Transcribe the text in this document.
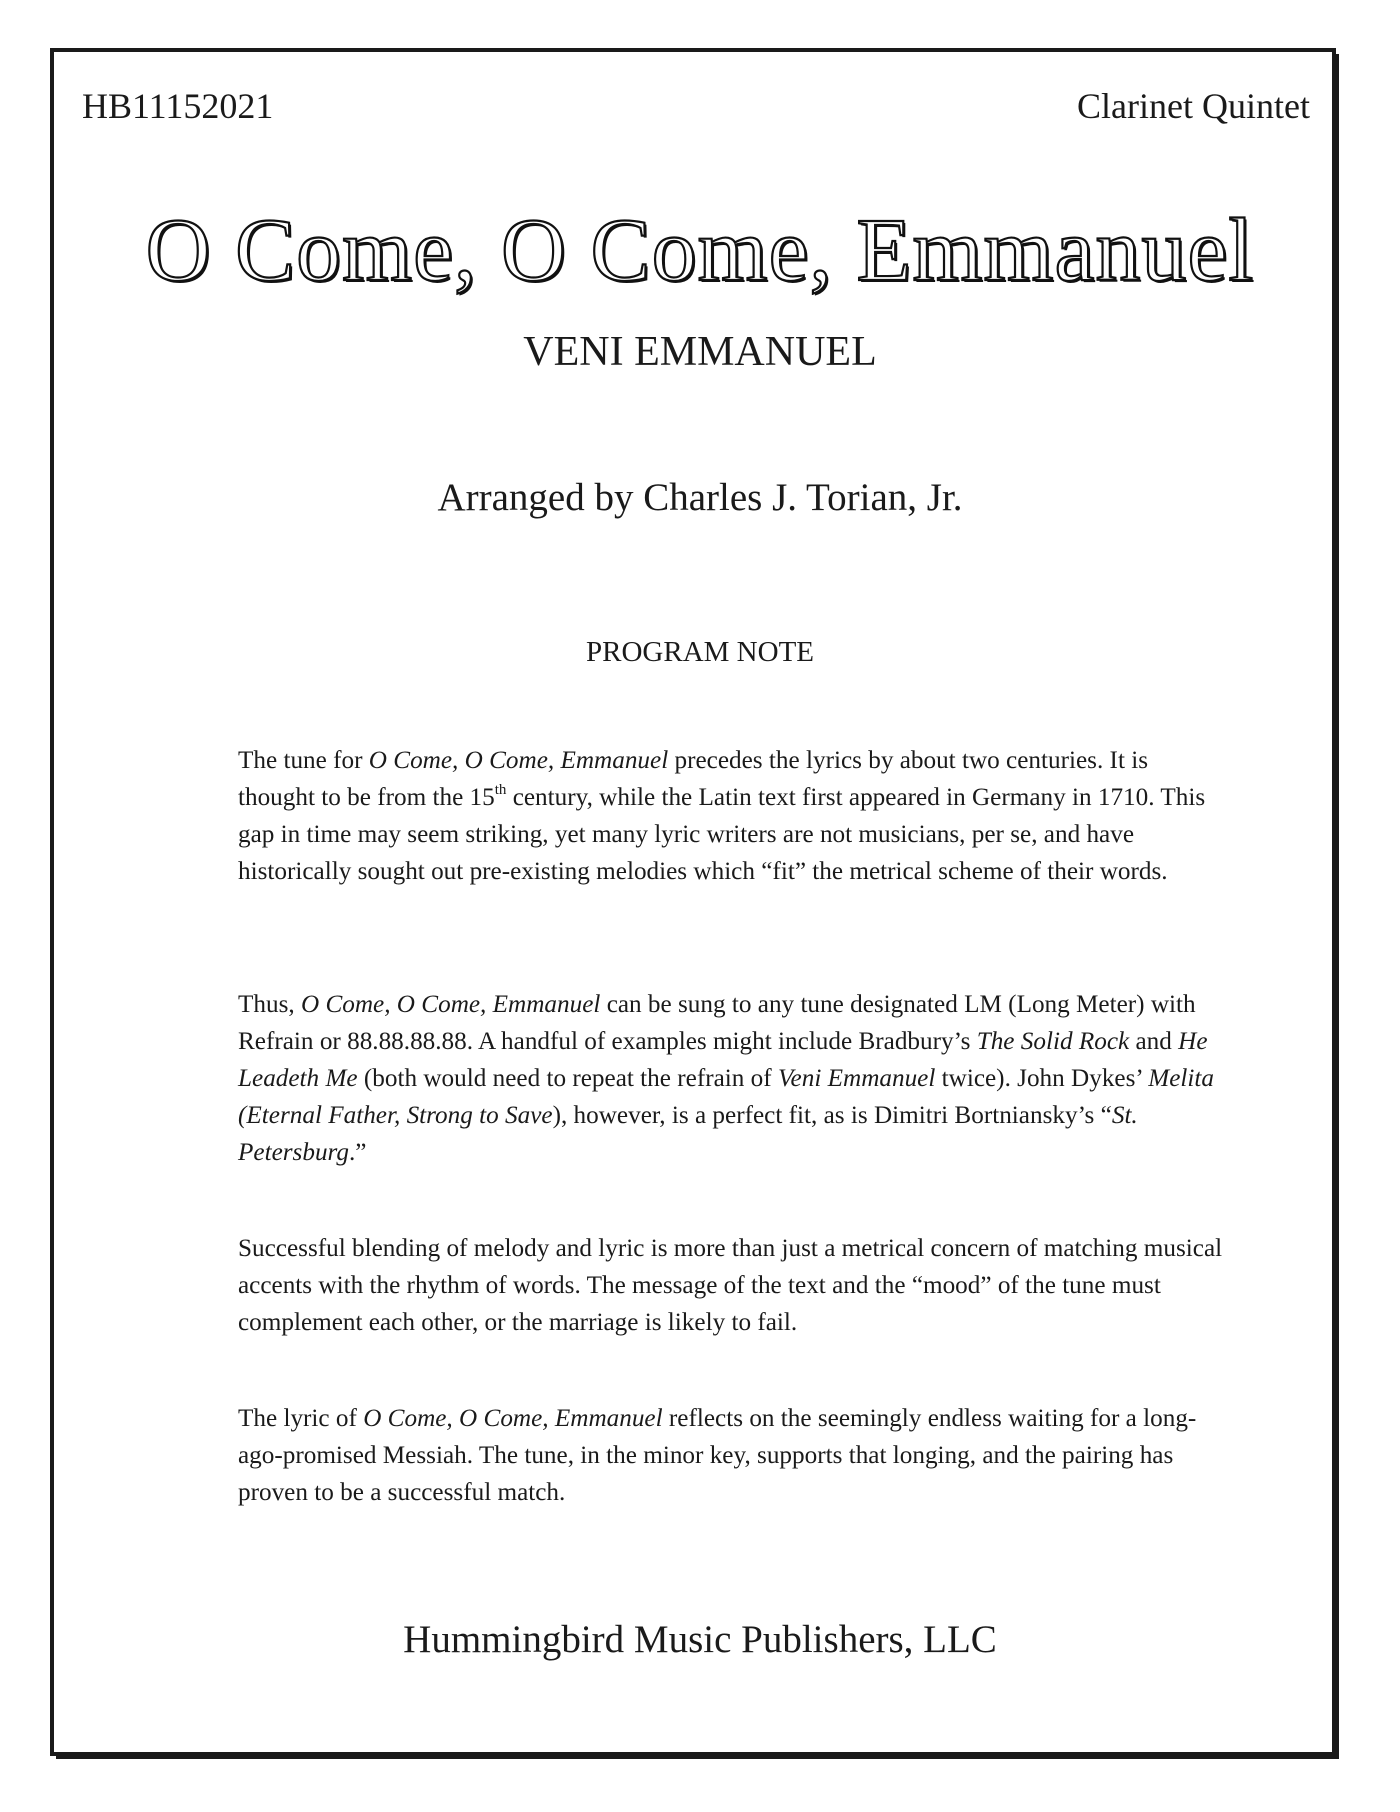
HB11152021	Clarinet Quintet
O Come, O Come, Emmanuel
VENI EMMANUEL
Arranged by Charles J. Torian, Jr.
PROGRAM NOTE

The tune for O Come, O Come, Emmanuel precedes the lyrics by about two centuries. It is thought to be from the 15th century, while the Latin text first appeared in Germany in 1710. This gap in time may seem striking, yet many lyric writers are not musicians, per se, and have historically sought out pre-existing melodies which “fit” the metrical scheme of their words.

Thus, O Come, O Come, Emmanuel can be sung to any tune designated LM (Long Meter) with Refrain or 88.88.88.88. A handful of examples might include Bradbury’s The Solid Rock and He Leadeth Me (both would need to repeat the refrain of Veni Emmanuel twice). John Dykes’ Melita (Eternal Father, Strong to Save), however, is a perfect fit, as is Dimitri Bortniansky’s “St. Petersburg.”

Successful blending of melody and lyric is more than just a metrical concern of matching musical accents with the rhythm of words. The message of the text and the “mood” of the tune must complement each other, or the marriage is likely to fail.

The lyric of O Come, O Come, Emmanuel reflects on the seemingly endless waiting for a long-ago-promised Messiah. The tune, in the minor key, supports that longing, and the pairing has proven to be a successful match.

Hummingbird Music Publishers, LLC
